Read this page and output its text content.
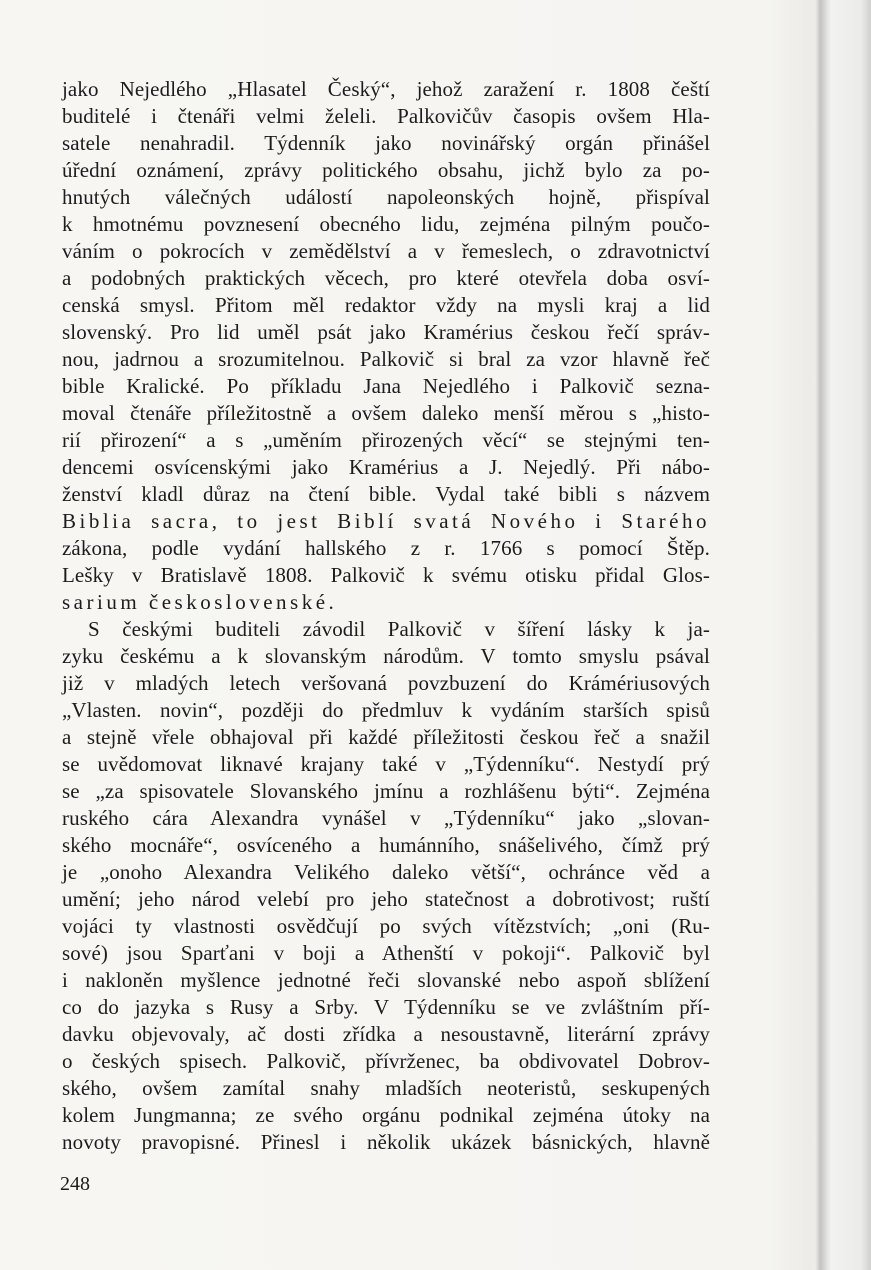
jako Nejedlého „Hlasatel Český“, jehož zaražení r. 1808 čeští
buditelé i čtenáři velmi želeli. Palkovičův časopis ovšem Hla-
satele nenahradil. Týdenník jako novinářský orgán přinášel
úřední oznámení, zprávy politického obsahu, jichž bylo za po-
hnutých válečných událostí napoleonských hojně, přispíval
k hmotnému povznesení obecného lidu, zejména pilným poučo-
váním o pokrocích v zemědělství a v řemeslech, o zdravotnictví
a podobných praktických věcech, pro které otevřela doba osví-
censká smysl. Přitom měl redaktor vždy na mysli kraj a lid
slovenský. Pro lid uměl psát jako Kramérius českou řečí správ-
nou, jadrnou a srozumitelnou. Palkovič si bral za vzor hlavně řeč
bible Kralické. Po příkladu Jana Nejedlého i Palkovič sezna-
moval čtenáře příležitostně a ovšem daleko menší měrou s „histo-
rií přirození“ a s „uměním přirozených věcí“ se stejnými ten-
dencemi osvícenskými jako Kramérius a J. Nejedlý. Při nábo-
ženství kladl důraz na čtení bible. Vydal také bibli s názvem
Biblia sacra, to jest Biblí svatá Nového i Starého
zákona, podle vydání hallského z r. 1766 s pomocí Štěp.
Lešky v Bratislavě 1808. Palkovič k svému otisku přidal Glos-
sarium československé.
S českými buditeli závodil Palkovič v šíření lásky k ja-
zyku českému a k slovanským národům. V tomto smyslu psával
již v mladých letech veršovaná povzbuzení do Krámériusových
„Vlasten. novin“, později do předmluv k vydáním starších spisů
a stejně vřele obhajoval při každé příležitosti českou řeč a snažil
se uvědomovat liknavé krajany také v „Týdenníku“. Nestydí prý
se „za spisovatele Slovanského jmínu a rozhlášenu býti“. Zejména
ruského cára Alexandra vynášel v „Týdenníku“ jako „slovan-
ského mocnáře“, osvíceného a humánního, snášelivého, čímž prý
je „onoho Alexandra Velikého daleko větší“, ochránce věd a
umění; jeho národ velebí pro jeho statečnost a dobrotivost; ruští
vojáci ty vlastnosti osvědčují po svých vítězstvích; „oni (Ru-
sové) jsou Sparťani v boji a Athenští v pokoji“. Palkovič byl
i nakloněn myšlence jednotné řeči slovanské nebo aspoň sblížení
co do jazyka s Rusy a Srby. V Týdenníku se ve zvláštním pří-
davku objevovaly, ač dosti zřídka a nesoustavně, literární zprávy
o českých spisech. Palkovič, přívrženec, ba obdivovatel Dobrov-
ského, ovšem zamítal snahy mladších neoteristů, seskupených
kolem Jungmanna; ze svého orgánu podnikal zejména útoky na
novoty pravopisné. Přinesl i několik ukázek básnických, hlavně
248
